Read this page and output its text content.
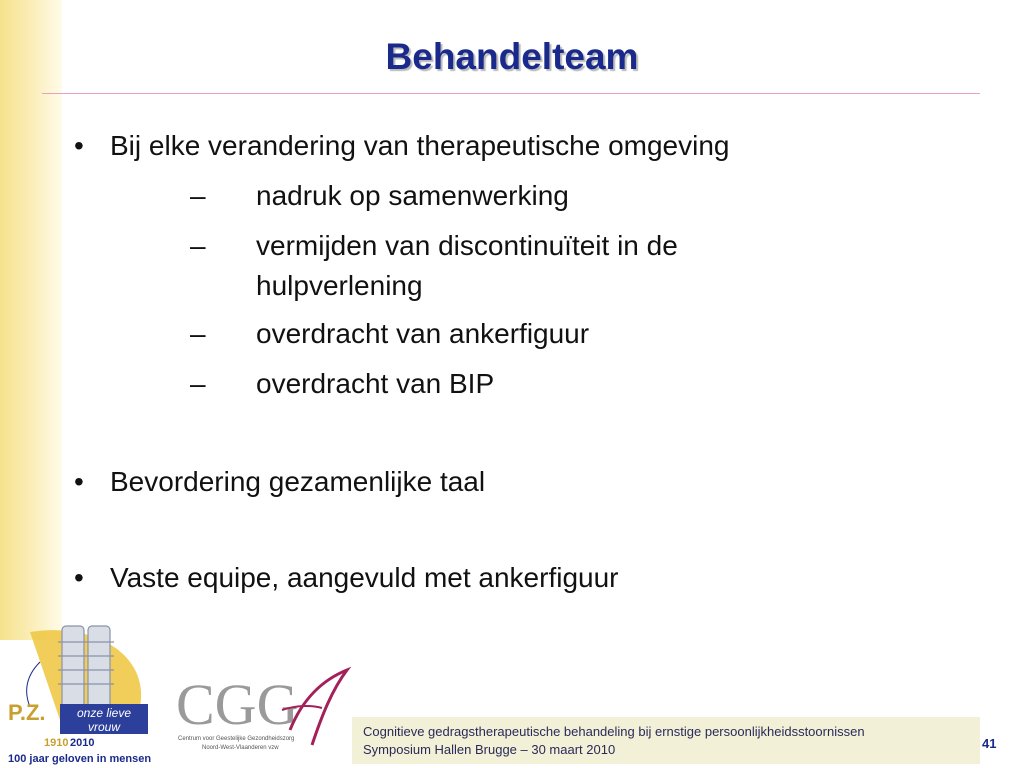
Behandelteam
• Bij elke verandering van therapeutische omgeving
– nadruk op samenwerking
– vermijden van discontinuïteit in de hulpverlening
– overdracht van ankerfiguur
– overdracht van BIP
• Bevordering gezamenlijke taal
• Vaste equipe, aangevuld met ankerfiguur
onze lieve
vrouw
P.Z.
1910 2010
100 jaar geloven in mensen
CGG
Centrum voor Geestelijke Gezondheidszorg
Noord-West-Vlaanderen vzw
Cognitieve gedragstherapeutische behandeling bij ernstige persoonlijkheidsstoornissen
Symposium Hallen Brugge – 30 maart 2010	41
